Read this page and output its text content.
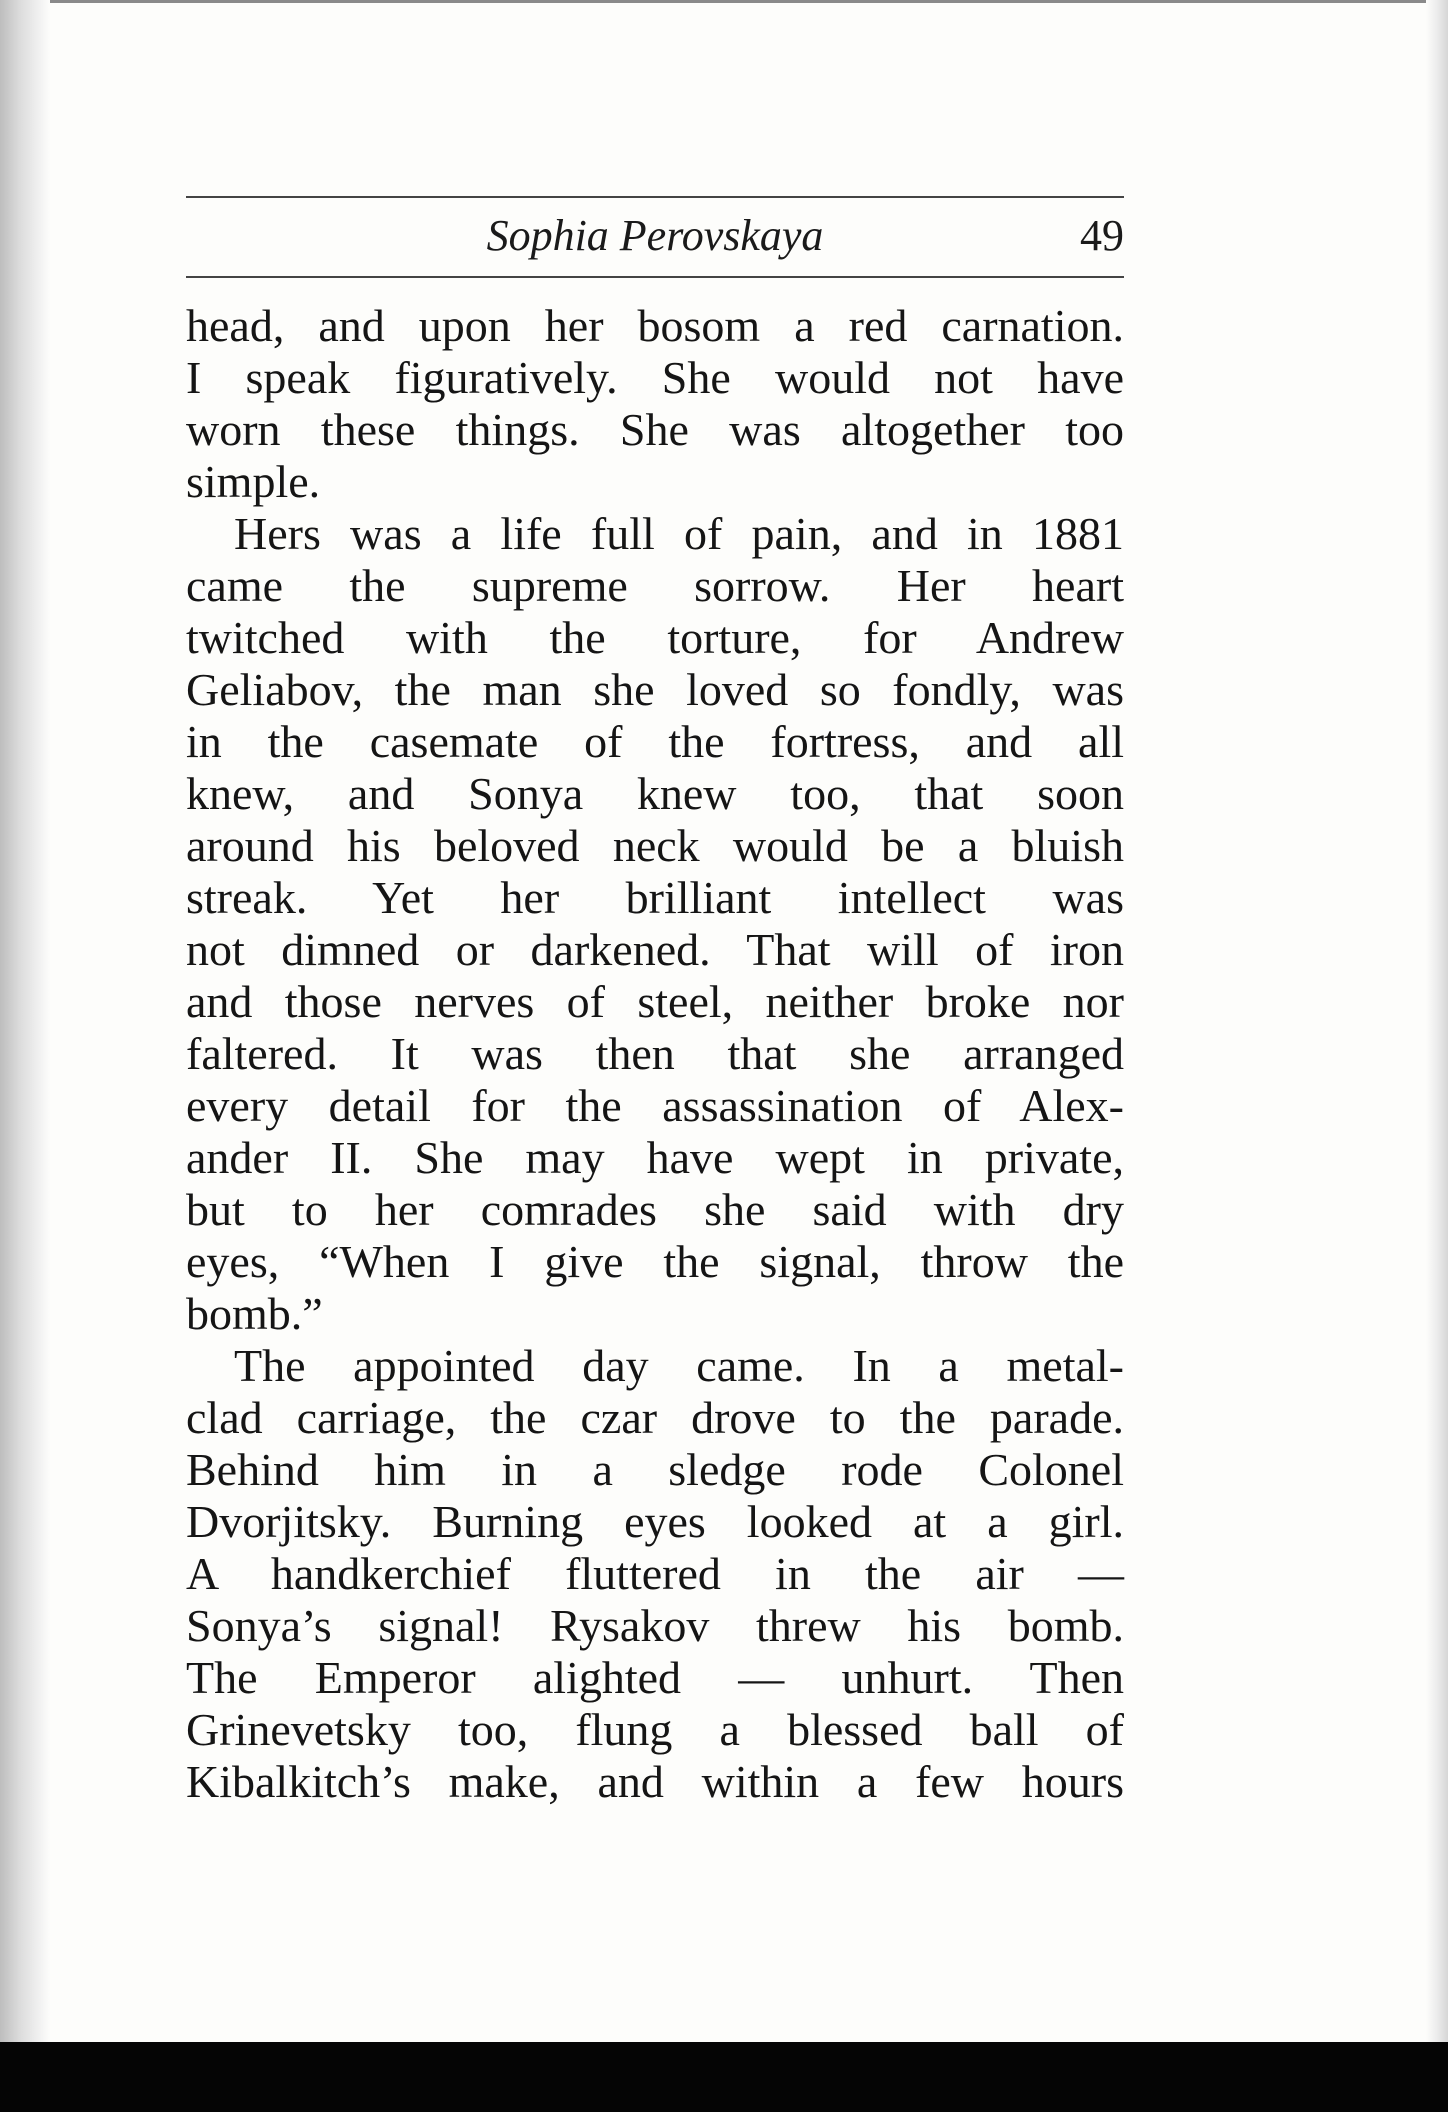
Sophia Perovskaya	49
head, and upon her bosom a red carnation.
I speak figuratively. She would not have
worn these things. She was altogether too
simple.
Hers was a life full of pain, and in 1881
came the supreme sorrow. Her heart
twitched with the torture, for Andrew
Geliabov, the man she loved so fondly, was
in the casemate of the fortress, and all
knew, and Sonya knew too, that soon
around his beloved neck would be a bluish
streak. Yet her brilliant intellect was
not dimned or darkened. That will of iron
and those nerves of steel, neither broke nor
faltered. It was then that she arranged
every detail for the assassination of Alex-
ander II. She may have wept in private,
but to her comrades she said with dry
eyes, “When I give the signal, throw the
bomb.”
The appointed day came. In a metal-
clad carriage, the czar drove to the parade.
Behind him in a sledge rode Colonel
Dvorjitsky. Burning eyes looked at a girl.
A handkerchief fluttered in the air —
Sonya’s signal! Rysakov threw his bomb.
The Emperor alighted — unhurt. Then
Grinevetsky too, flung a blessed ball of
Kibalkitch’s make, and within a few hours
